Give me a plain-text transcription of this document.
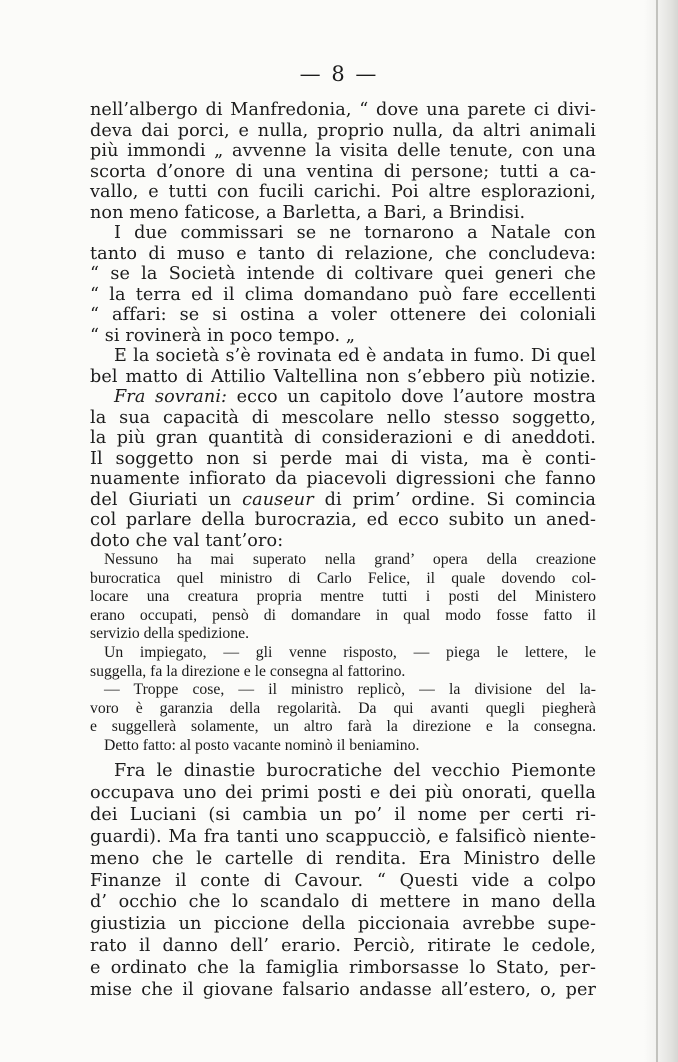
— 8 —
nell’albergo di Manfredonia, “ dove una parete ci divi-
deva dai porci, e nulla, proprio nulla, da altri animali
più immondi „ avvenne la visita delle tenute, con una
scorta d’onore di una ventina di persone; tutti a ca-
vallo, e tutti con fucili carichi. Poi altre esplorazioni,
non meno faticose, a Barletta, a Bari, a Brindisi.
I due commissari se ne tornarono a Natale con
tanto di muso e tanto di relazione, che concludeva:
“ se la Società intende di coltivare quei generi che
“ la terra ed il clima domandano può fare eccellenti
“ affari: se si ostina a voler ottenere dei coloniali
“ si rovinerà in poco tempo. „
E la società s’è rovinata ed è andata in fumo. Di quel
bel matto di Attilio Valtellina non s’ebbero più notizie.
Fra sovrani: ecco un capitolo dove l’autore mostra
la sua capacità di mescolare nello stesso soggetto,
la più gran quantità di considerazioni e di aneddoti.
Il soggetto non si perde mai di vista, ma è conti-
nuamente infiorato da piacevoli digressioni che fanno
del Giuriati un causeur di prim’ ordine. Si comincia
col parlare della burocrazia, ed ecco subito un aned-
doto che val tant’oro:
Nessuno ha mai superato nella grand’ opera della creazione
burocratica quel ministro di Carlo Felice, il quale dovendo col-
locare una creatura propria mentre tutti i posti del Ministero
erano occupati, pensò di domandare in qual modo fosse fatto il
servizio della spedizione.
Un impiegato, — gli venne risposto, — piega le lettere, le
suggella, fa la direzione e le consegna al fattorino.
— Troppe cose, — il ministro replicò, — la divisione del la-
voro è garanzia della regolarità. Da qui avanti quegli piegherà
e suggellerà solamente, un altro farà la direzione e la consegna.
Detto fatto: al posto vacante nominò il beniamino.
Fra le dinastie burocratiche del vecchio Piemonte
occupava uno dei primi posti e dei più onorati, quella
dei Luciani (si cambia un po’ il nome per certi ri-
guardi). Ma fra tanti uno scappucciò, e falsificò niente-
meno che le cartelle di rendita. Era Ministro delle
Finanze il conte di Cavour. “ Questi vide a colpo
d’ occhio che lo scandalo di mettere in mano della
giustizia un piccione della piccionaia avrebbe supe-
rato il danno dell’ erario. Perciò, ritirate le cedole,
e ordinato che la famiglia rimborsasse lo Stato, per-
mise che il giovane falsario andasse all’estero, o, per
